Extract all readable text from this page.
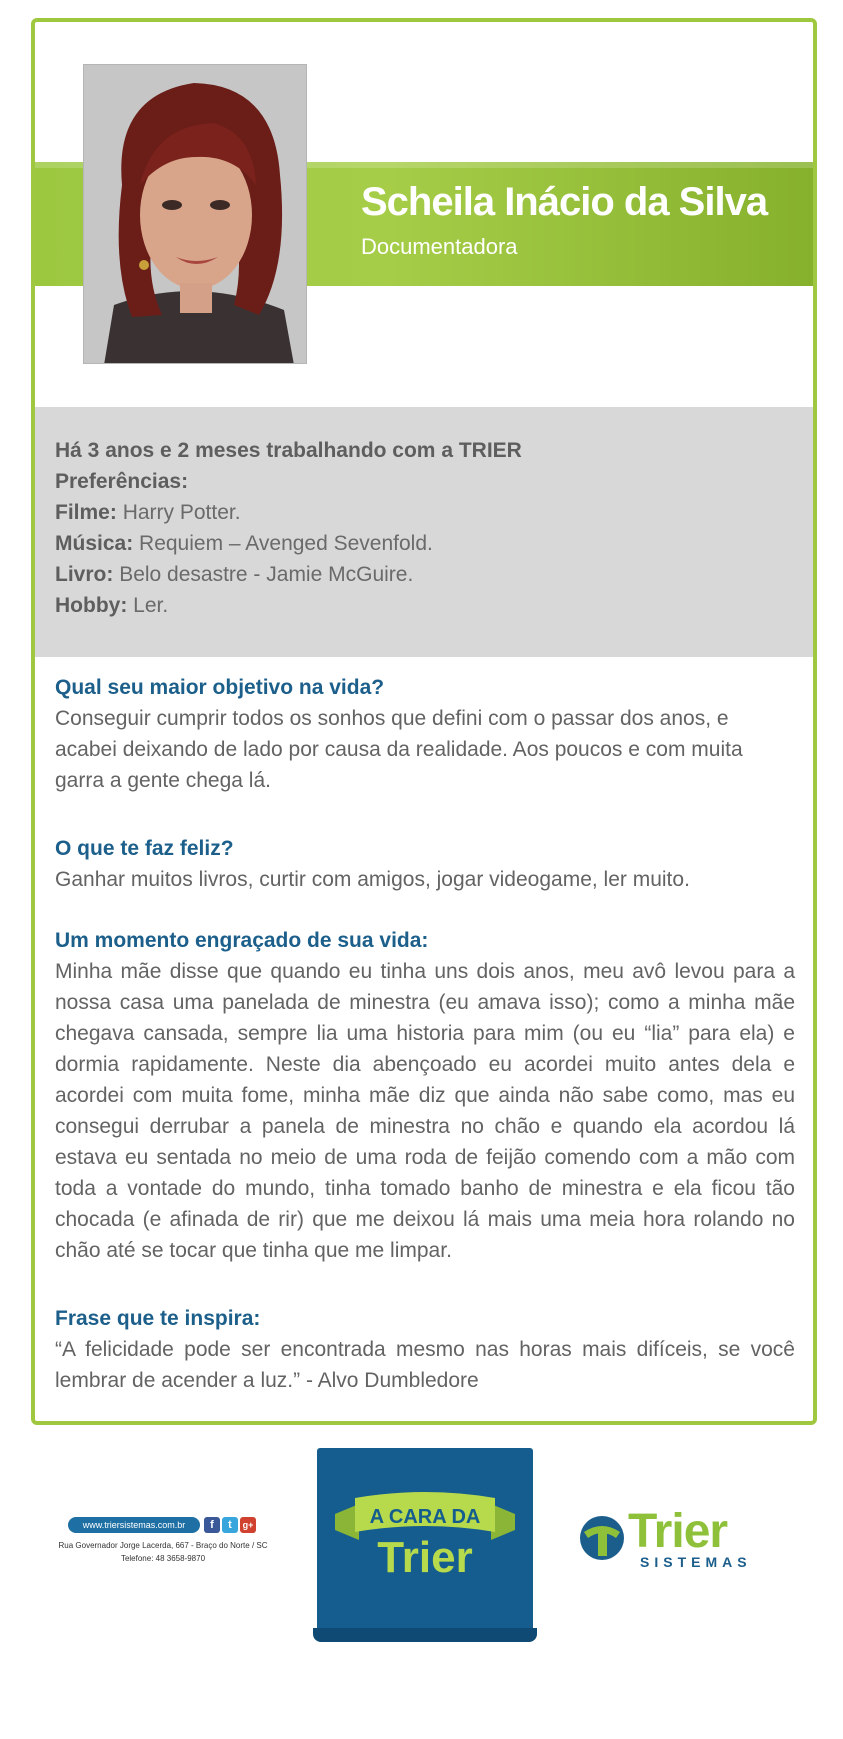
Scheila Inácio da Silva
Documentadora
Há 3 anos e 2 meses trabalhando com a TRIER
Preferências:
Filme: Harry Potter.
Música: Requiem – Avenged Sevenfold.
Livro: Belo desastre - Jamie McGuire.
Hobby: Ler.
Qual seu maior objetivo na vida?
Conseguir cumprir todos os sonhos que defini com o passar dos anos, e acabei deixando de lado por causa da realidade. Aos poucos e com muita garra a gente chega lá.
O que te faz feliz?
Ganhar muitos livros, curtir com amigos, jogar videogame, ler muito.
Um momento engraçado de sua vida:
Minha mãe disse que quando eu tinha uns dois anos, meu avô levou para a nossa casa uma panelada de minestra (eu amava isso); como a minha mãe chegava cansada, sempre lia uma historia para mim (ou eu “lia” para ela) e dormia rapidamente. Neste dia abençoado eu acordei muito antes dela e acordei com muita fome, minha mãe diz que ainda não sabe como, mas eu consegui derrubar a panela de minestra no chão e quando ela acordou lá estava eu sentada no meio de uma roda de feijão comendo com a mão com toda a vontade do mundo, tinha tomado banho de minestra e ela ficou tão chocada (e afinada de rir) que me deixou lá mais uma meia hora rolando no chão até se tocar que tinha que me limpar.
Frase que te inspira:
“A felicidade pode ser encontrada mesmo nas horas mais difíceis, se você lembrar de acender a luz.” - Alvo Dumbledore
www.triersistemas.com.br	f	t	g+
Rua Governador Jorge Lacerda, 667 - Braço do Norte / SC
Telefone: 48 3658-9870
A CARA DA
Trier	Trier
SISTEMAS
